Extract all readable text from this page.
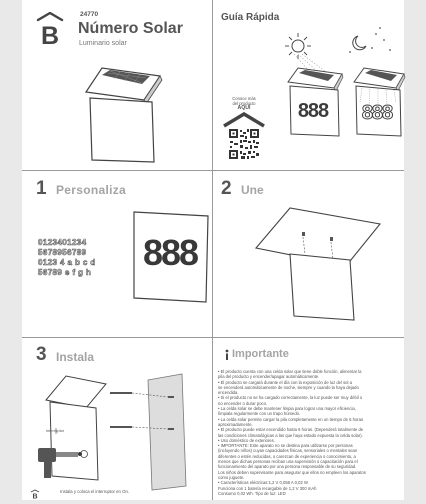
B
24770
Número Solar
Luminario solar
Guía Rápida
Conoce más
del producto
AQUÍ	888	888
1 Personaliza
0123401234
5678956789
0123 4 a b c d
56789 e f g h 888
2 Une
3 Instala
interruptor
B
Instala y coloca el interruptor en On.
Importante
• El producto cuenta con una celda solar que tiene doble función, alimentar la
pila del producto y encender/apagar automáticamente.
• El producto se cargará durante el día con la exposición de luz del sol a
se encenderá automáticamente de noche, siempre y cuando la haya dejado
encendida.
• Si el producto no se ha cargado correctamente, la luz puede ser muy débil o
no encender o durar poco.
• La celda solar se debe mantener limpia para lograr una mayor eficiencia,
límpiala regularmente con un trapo húmedo.
• La celda solar permite cargar la pila completamente en un tiempo de 6 horas
aproximadamente.
• El producto puede estar encendido hasta 6 horas. (Dependerá totalmente de
las condiciones climatológicas a las que haya estado expuesta la celda solar).
• Uso doméstico de exteriores.
• IMPORTANTE: Este aparato no se destina para utilizarse por personas
(incluyendo niños) cuyas capacidades físicas, sensoriales o mentales sean
diferentes o estén reducidas, o carezcan de experiencia o conocimiento, a
menos que dichas personas reciban una supervisión o capacitación para el
funcionamiento del aparato por una persona responsable de su seguridad.
Los niños deben supervisarse para asegurar que ellos no empleen los aparatos
como juguete.
• Características eléctricas:1,2 V 0,058 A 0,02 W
Funciona con 1 batería recargable de 1,2 V 300 mAh
Consumo 0,02 Wh. Tipo de luz: LED
